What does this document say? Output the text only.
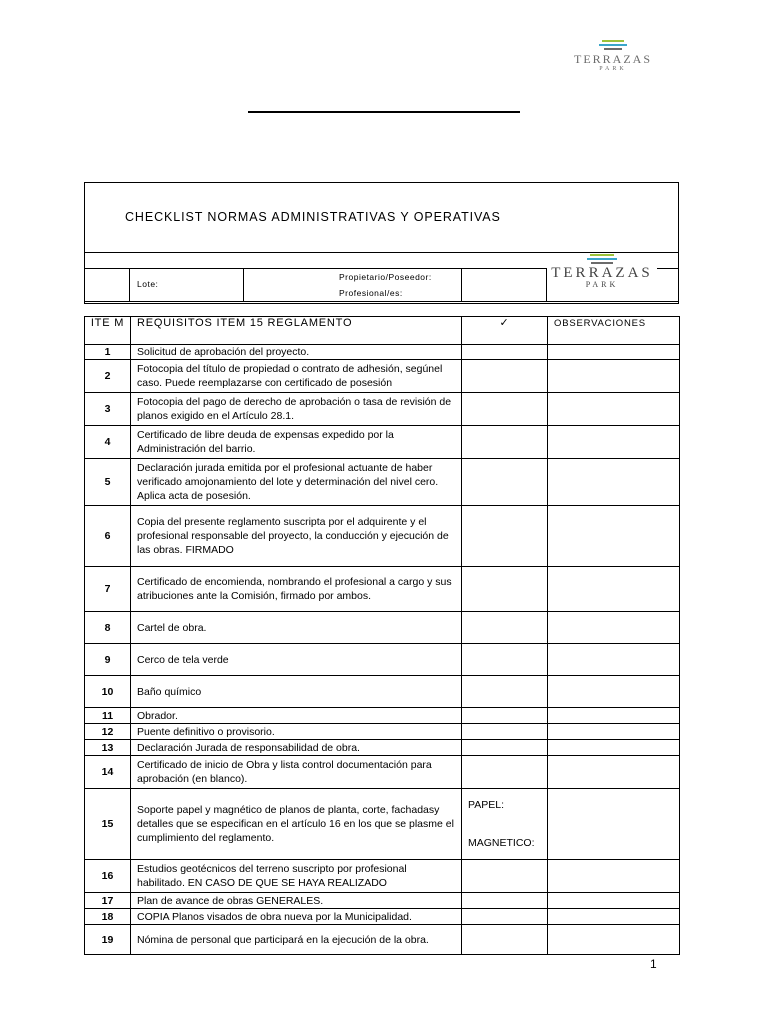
TERRAZAS
PARK
CHECKLIST NORMAS ADMINISTRATIVAS Y OPERATIVAS
Lote:
Propietario/Poseedor:
Profesional/es:
TERRAZAS
PARK
ITE M	REQUISITOS ITEM 15 REGLAMENTO	✓	OBSERVACIONES
1	Solicitud de aprobación del proyecto.		
2	Fotocopia del título de propiedad o contrato de adhesión, segúnel caso. Puede reemplazarse con certificado de posesión		
3	Fotocopia del pago de derecho de aprobación o tasa de revisión de planos exigido en el Artículo 28.1.		
4	Certificado de libre deuda de expensas expedido por la Administración del barrio.		
5	Declaración jurada emitida por el profesional actuante de haber verificado amojonamiento del lote y determinación del nivel cero. Aplica acta de posesión.		
6	Copia del presente reglamento suscripta por el adquirente y el profesional responsable del proyecto, la conducción y ejecución de las obras. FIRMADO		
7	Certificado de encomienda, nombrando el profesional a cargo y sus atribuciones ante la Comisión, firmado por ambos.		
8	Cartel de obra.		
9	Cerco de tela verde		
10	Baño químico		
11	Obrador.		
12	Puente definitivo o provisorio.		
13	Declaración Jurada de responsabilidad de obra.		
14	Certificado de inicio de Obra y lista control documentación para aprobación (en blanco).		
15	Soporte papel y magnético de planos de planta, corte, fachadasy detalles que se especifican en el artículo 16 en los que se plasme el cumplimiento del reglamento.	PAPEL:
MAGNETICO:	

16	Estudios geotécnicos del terreno suscripto por profesional habilitado. EN CASO DE QUE SE HAYA REALIZADO		
17	Plan de avance de obras GENERALES.		
18	COPIA Planos visados de obra nueva por la Municipalidad.		
19	Nómina de personal que participará en la ejecución de la obra.		
1
